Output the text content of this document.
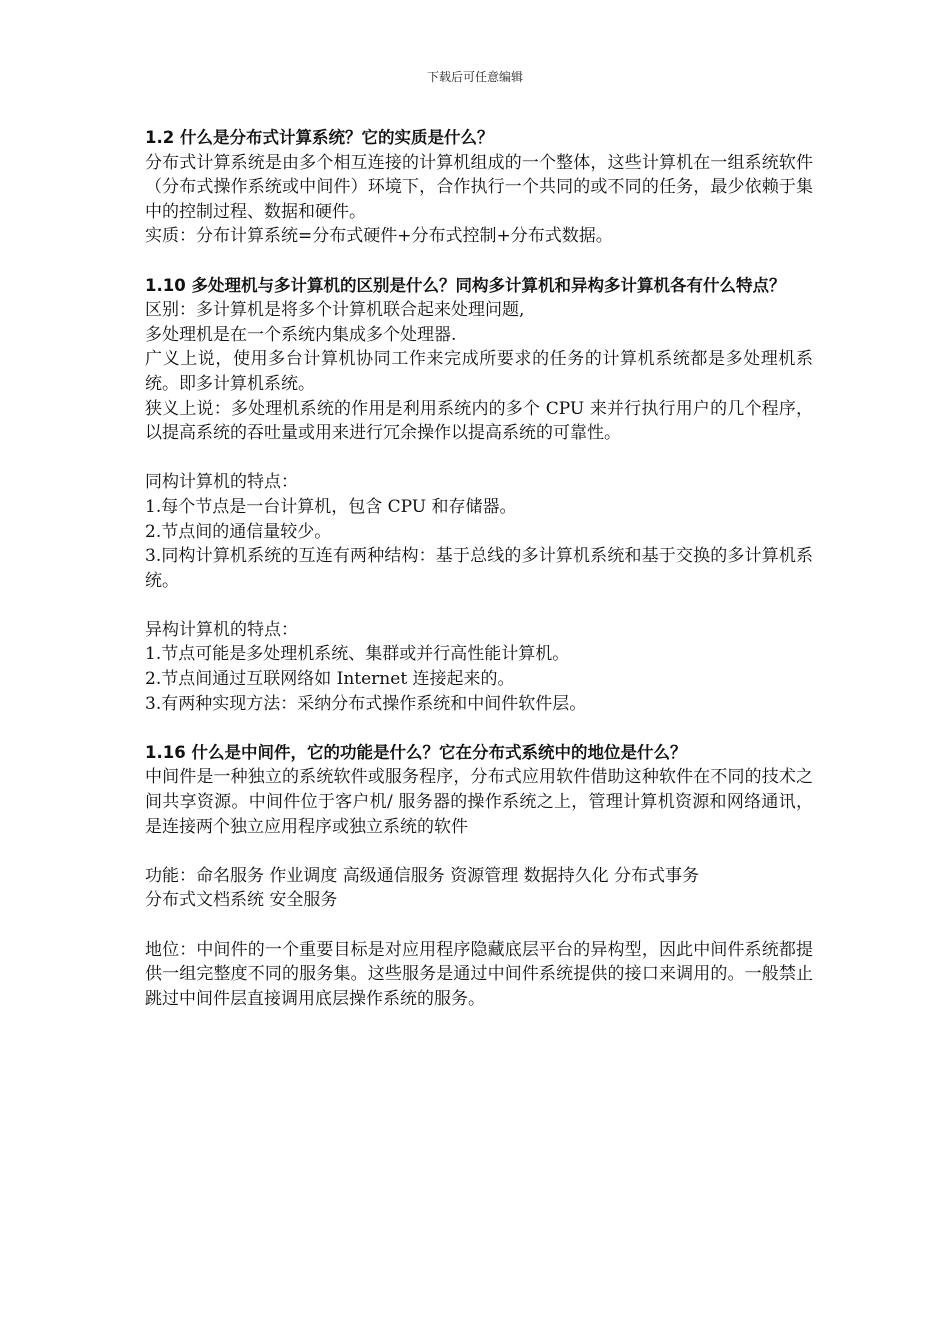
下载后可任意编辑

1.2 什么是分布式计算系统？它的实质是什么？

分布式计算系统是由多个相互连接的计算机组成的一个整体，这些计算机在一组系统软件（分布式操作系统或中间件）环境下，合作执行一个共同的或不同的任务，最少依赖于集中的控制过程、数据和硬件。

实质：分布计算系统=分布式硬件+分布式控制+分布式数据。

1.10 多处理机与多计算机的区别是什么？同构多计算机和异构多计算机各有什么特点？

区别：多计算机是将多个计算机联合起来处理问题,

多处理机是在一个系统内集成多个处理器.

广义上说，使用多台计算机协同工作来完成所要求的任务的计算机系统都是多处理机系统。即多计算机系统。

狭义上说：多处理机系统的作用是利用系统内的多个 CPU 来并行执行用户的几个程序，以提高系统的吞吐量或用来进行冗余操作以提高系统的可靠性。

同构计算机的特点：

1.每个节点是一台计算机，包含 CPU 和存储器。

2.节点间的通信量较少。

3.同构计算机系统的互连有两种结构：基于总线的多计算机系统和基于交换的多计算机系统。

异构计算机的特点：

1.节点可能是多处理机系统、集群或并行高性能计算机。

2.节点间通过互联网络如 Internet 连接起来的。

3.有两种实现方法：采纳分布式操作系统和中间件软件层。

1.16 什么是中间件，它的功能是什么？它在分布式系统中的地位是什么？

中间件是一种独立的系统软件或服务程序，分布式应用软件借助这种软件在不同的技术之间共享资源。中间件位于客户机/ 服务器的操作系统之上，管理计算机资源和网络通讯，是连接两个独立应用程序或独立系统的软件

功能：命名服务 作业调度 高级通信服务 资源管理 数据持久化 分布式事务

分布式文档系统 安全服务

地位：中间件的一个重要目标是对应用程序隐藏底层平台的异构型，因此中间件系统都提供一组完整度不同的服务集。这些服务是通过中间件系统提供的接口来调用的。一般禁止跳过中间件层直接调用底层操作系统的服务。
